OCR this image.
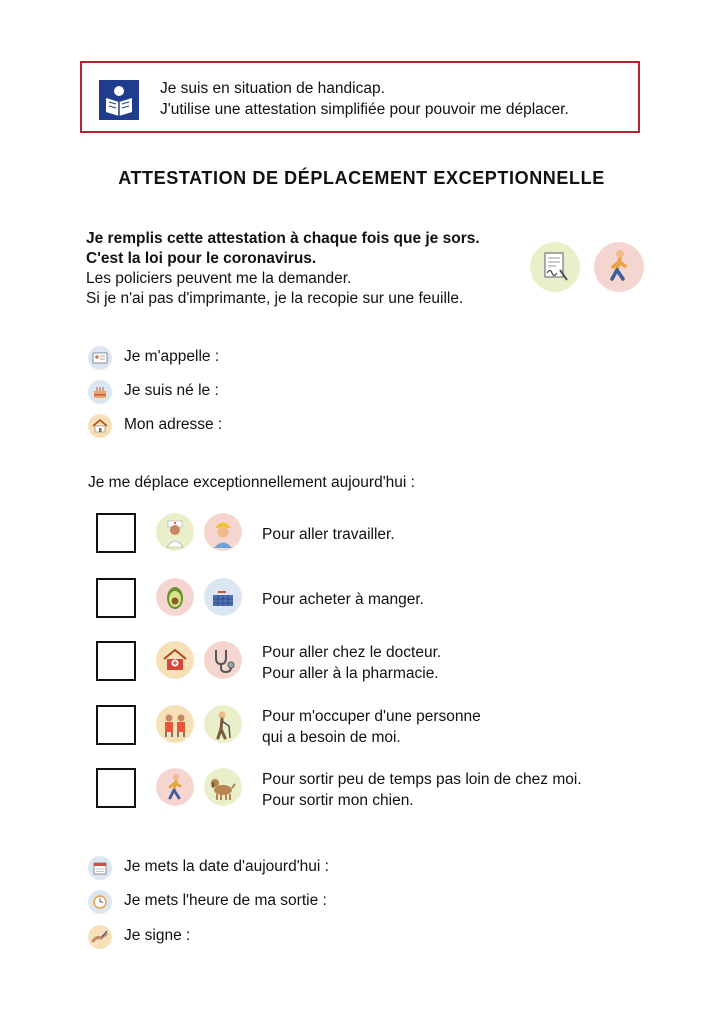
Je suis en situation de handicap.
J'utilise une attestation simplifiée pour pouvoir me déplacer.
ATTESTATION DE DÉPLACEMENT EXCEPTIONNELLE
Je remplis cette attestation à chaque fois que je sors.
C'est la loi pour le coronavirus.
Les policiers peuvent me la demander.
Si je n'ai pas d'imprimante, je la recopie sur une feuille.
Je m'appelle :
Je suis né le :
Mon adresse :
Je me déplace exceptionnellement aujourd'hui :
Pour aller travailler.
Pour acheter à manger.
Pour aller chez le docteur.
Pour aller à la pharmacie.
Pour m'occuper d'une personne
qui a besoin de moi.
Pour sortir peu de temps pas loin de chez moi.
Pour sortir mon chien.
Je mets la date d'aujourd'hui :
Je mets l'heure de ma sortie :
Je signe :
